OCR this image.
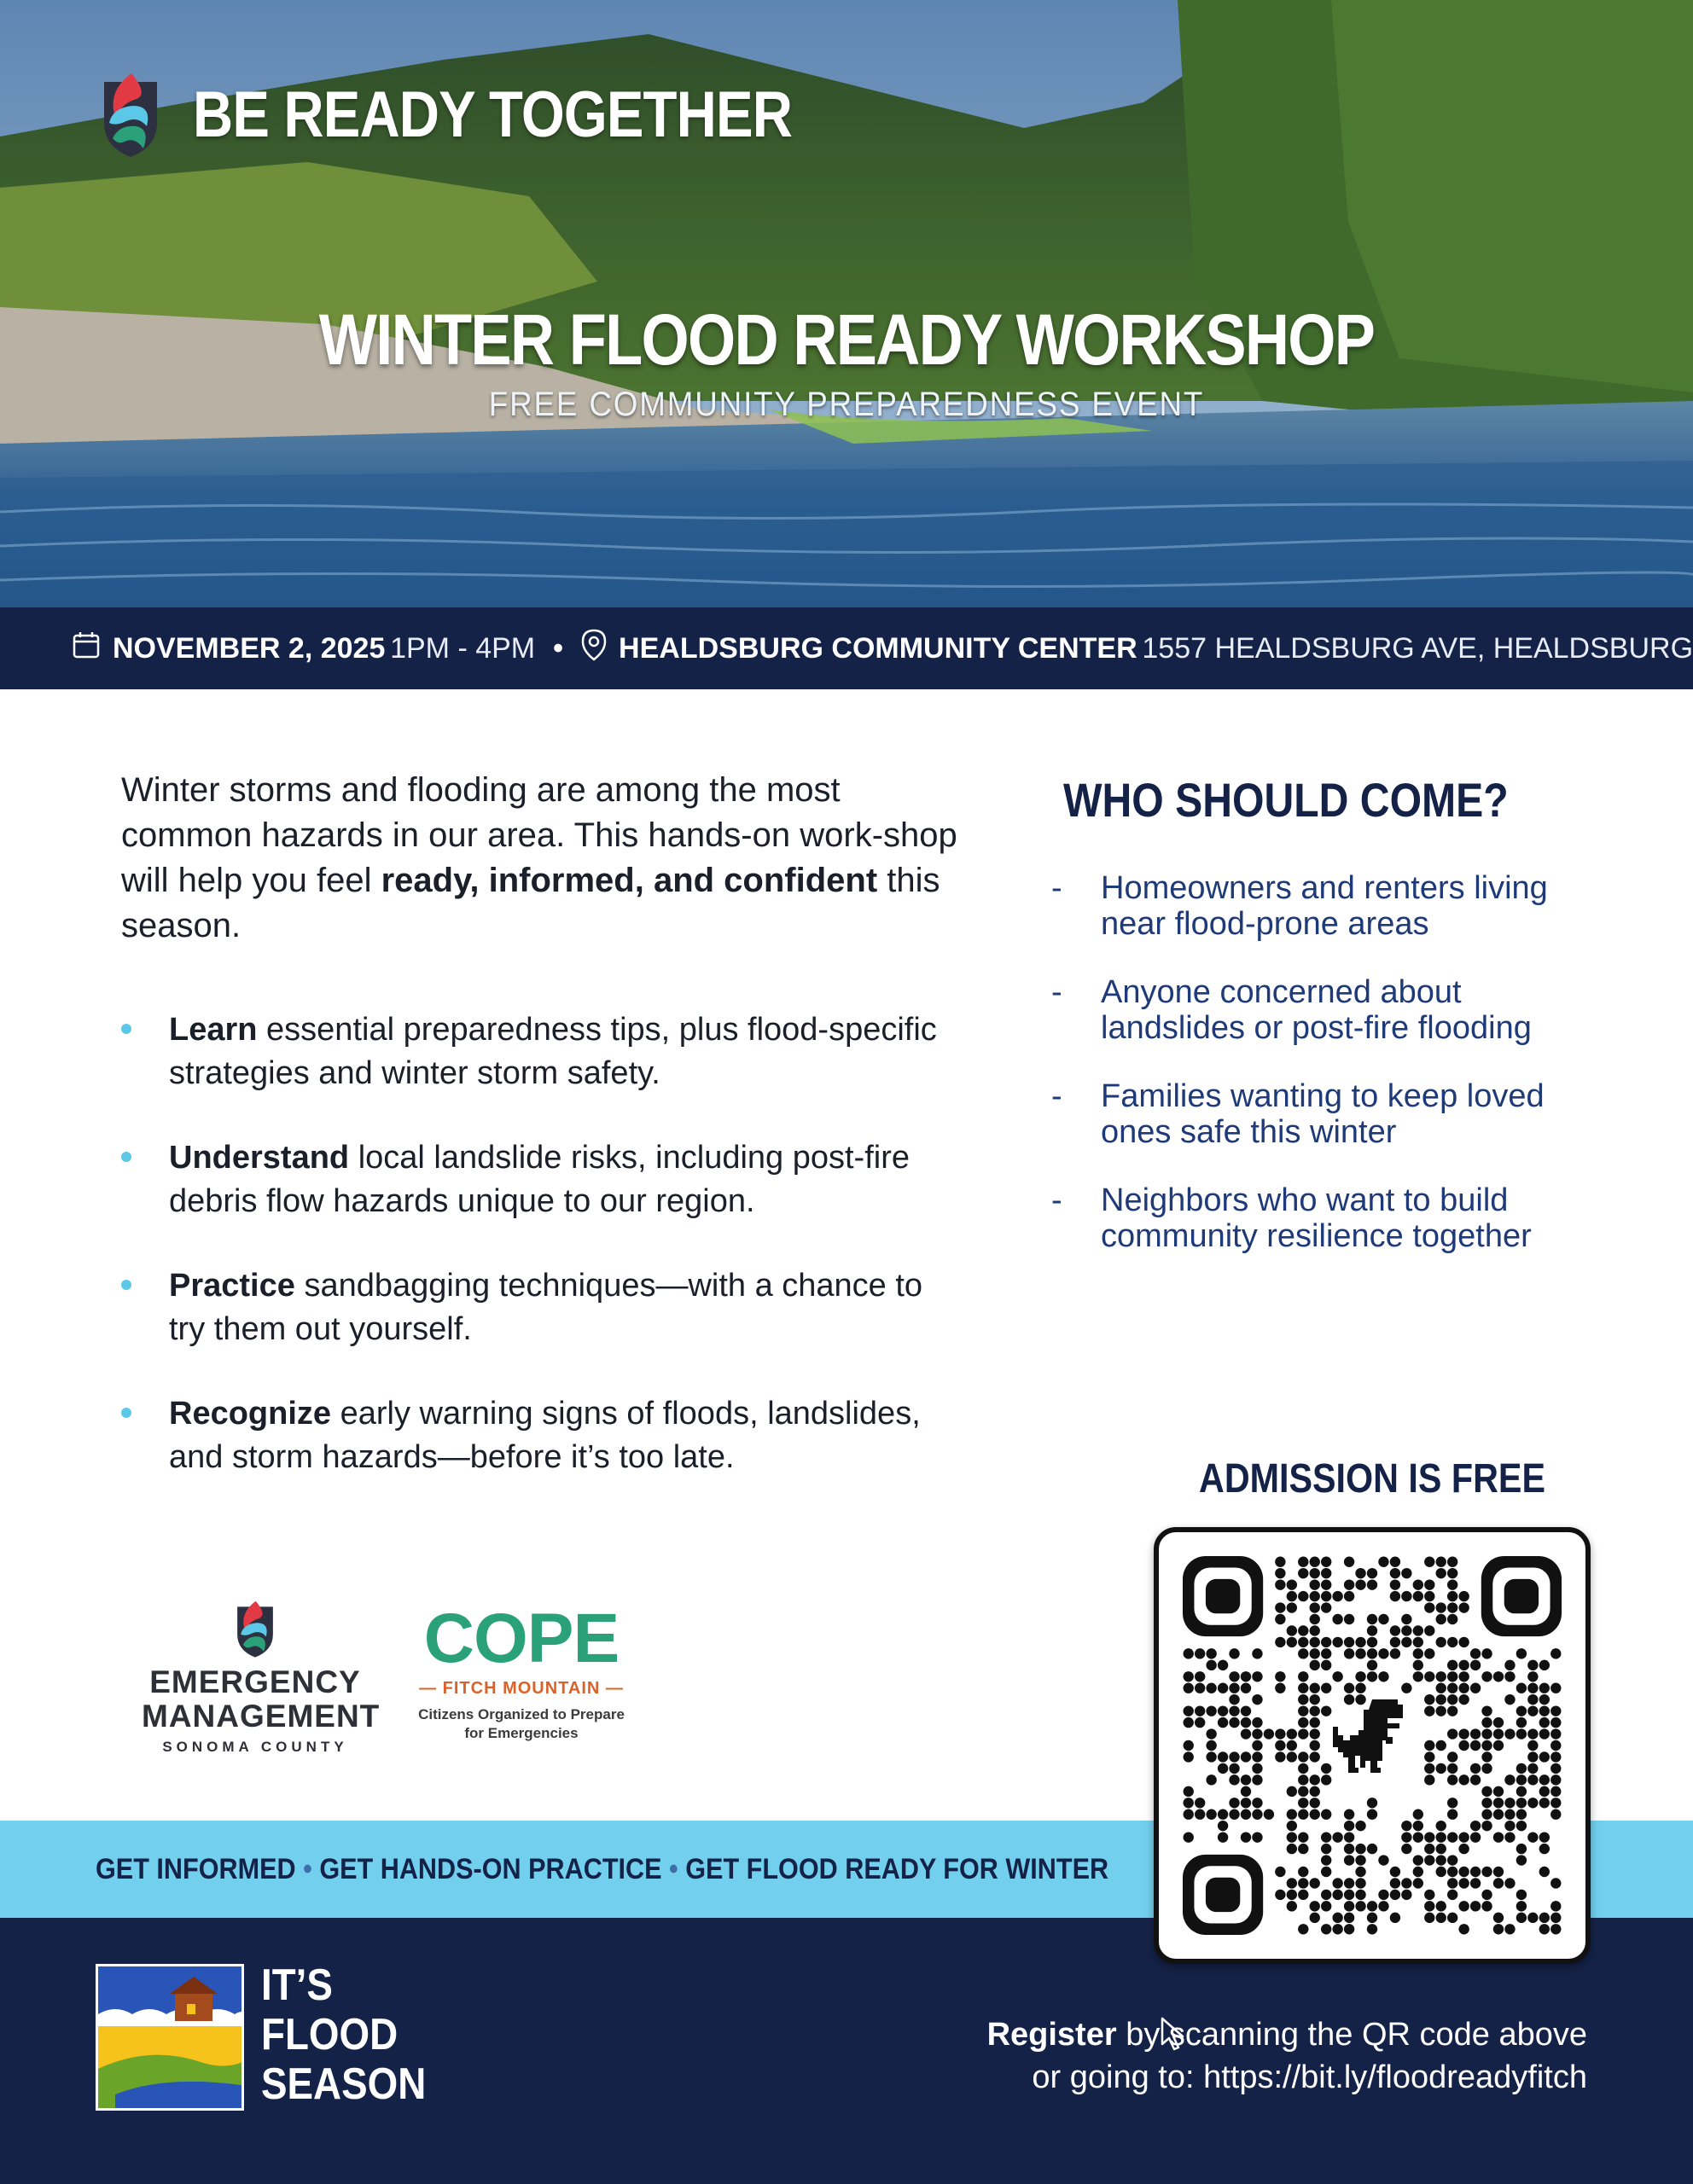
BE READY TOGETHER
WINTER FLOOD READY WORKSHOP
FREE COMMUNITY PREPAREDNESS EVENT
NOVEMBER 2, 2025 1PM - 4PM • HEALDSBURG COMMUNITY CENTER 1557 HEALDSBURG AVE, HEALDSBURG

Winter storms and flooding are among the most common hazards in our area. This hands-on work-shop will help you feel ready, informed, and confident this season.

Learn essential preparedness tips, plus flood-specific strategies and winter storm safety.
Understand local landslide risks, including post-fire debris flow hazards unique to our region.
Practice sandbagging techniques—with a chance to try them out yourself.
Recognize early warning signs of floods, landslides, and storm hazards—before it’s too late.
WHO SHOULD COME?
- Homeowners and renters living near flood-prone areas
- Anyone concerned about landslides or post-fire flooding
- Families wanting to keep loved ones safe this winter
- Neighbors who want to build community resilience together
EMERGENCY
MANAGEMENT
SONOMA COUNTY
COPE
— FITCH MOUNTAIN —
Citizens Organized to Prepare for Emergencies
GET INFORMED • GET HANDS-ON PRACTICE • GET FLOOD READY FOR WINTER
IT’S
FLOOD
SEASON
Register by scanning the QR code above
or going to: https://bit.ly/floodreadyfitch
ADMISSION IS FREE
